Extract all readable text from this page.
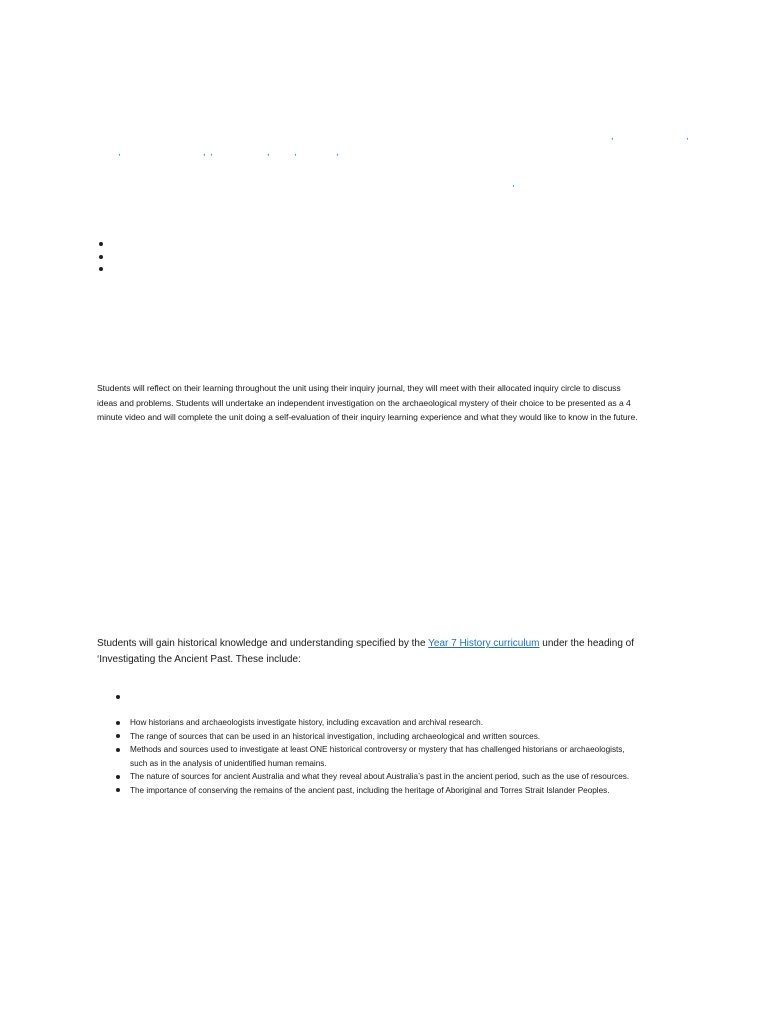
‚	‚
‚	‚ ‚	‚	‚	‚
‚
Students will reflect on their learning throughout the unit using their inquiry journal, they will meet with their allocated inquiry circle to discuss
ideas and problems. Students will undertake an independent investigation on the archaeological mystery of their choice to be presented as a 4
minute video and will complete the unit doing a self-evaluation of their inquiry learning experience and what they would like to know in the future.
Students will gain historical knowledge and understanding specified by the Year 7 History curriculum under the heading of
‘Investigating the Ancient Past. These include:
How historians and archaeologists investigate history, including excavation and archival research.
The range of sources that can be used in an historical investigation, including archaeological and written sources.
Methods and sources used to investigate at least ONE historical controversy or mystery that has challenged historians or archaeologists,
such as in the analysis of unidentified human remains.
The nature of sources for ancient Australia and what they reveal about Australia’s past in the ancient period, such as the use of resources.
The importance of conserving the remains of the ancient past, including the heritage of Aboriginal and Torres Strait Islander Peoples.
